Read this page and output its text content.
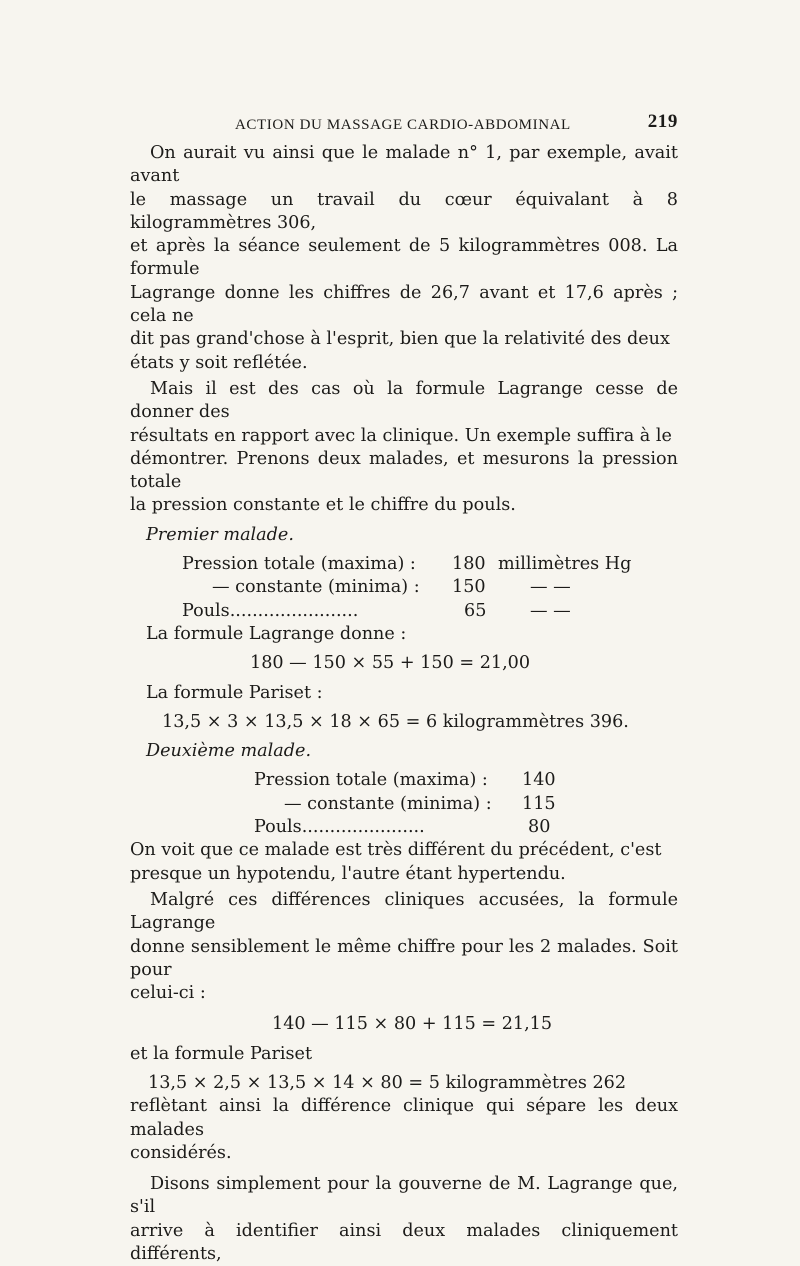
ACTION DU MASSAGE CARDIO-ABDOMINAL	219

On aurait vu ainsi que le malade n° 1, par exemple, avait avant

le massage un travail du cœur équivalant à 8 kilogrammètres 306,

et après la séance seulement de 5 kilogrammètres 008. La formule

Lagrange donne les chiffres de 26,7 avant et 17,6 après ; cela ne

dit pas grand'chose à l'esprit, bien que la relativité des deux

états y soit reflétée.

Mais il est des cas où la formule Lagrange cesse de donner des

résultats en rapport avec la clinique. Un exemple suffira à le

démontrer. Prenons deux malades, et mesurons la pression totale

la pression constante et le chiffre du pouls.

Premier malade.
Pression totale (maxima) : 180 millimètres Hg
— constante (minima) : 150	— —
Pouls.......................	65 — —

La formule Lagrange donne :

180 — 150 × 55 + 150 = 21,00

La formule Pariset :

13,5 × 3 × 13,5 × 18 × 65 = 6 kilogrammètres 396.
Deuxième malade.
Pression totale (maxima) : 140
— constante (minima) : 115
Pouls......................	80

On voit que ce malade est très différent du précédent, c'est

presque un hypotendu, l'autre étant hypertendu.

Malgré ces différences cliniques accusées, la formule Lagrange

donne sensiblement le même chiffre pour les 2 malades. Soit pour

celui-ci :

140 — 115 × 80 + 115 = 21,15

et la formule Pariset

13,5 × 2,5 × 13,5 × 14 × 80 = 5 kilogrammètres 262

reflètant ainsi la différence clinique qui sépare les deux malades

considérés.

Disons simplement pour la gouverne de M. Lagrange que, s'il

arrive à identifier ainsi deux malades cliniquement différents,
